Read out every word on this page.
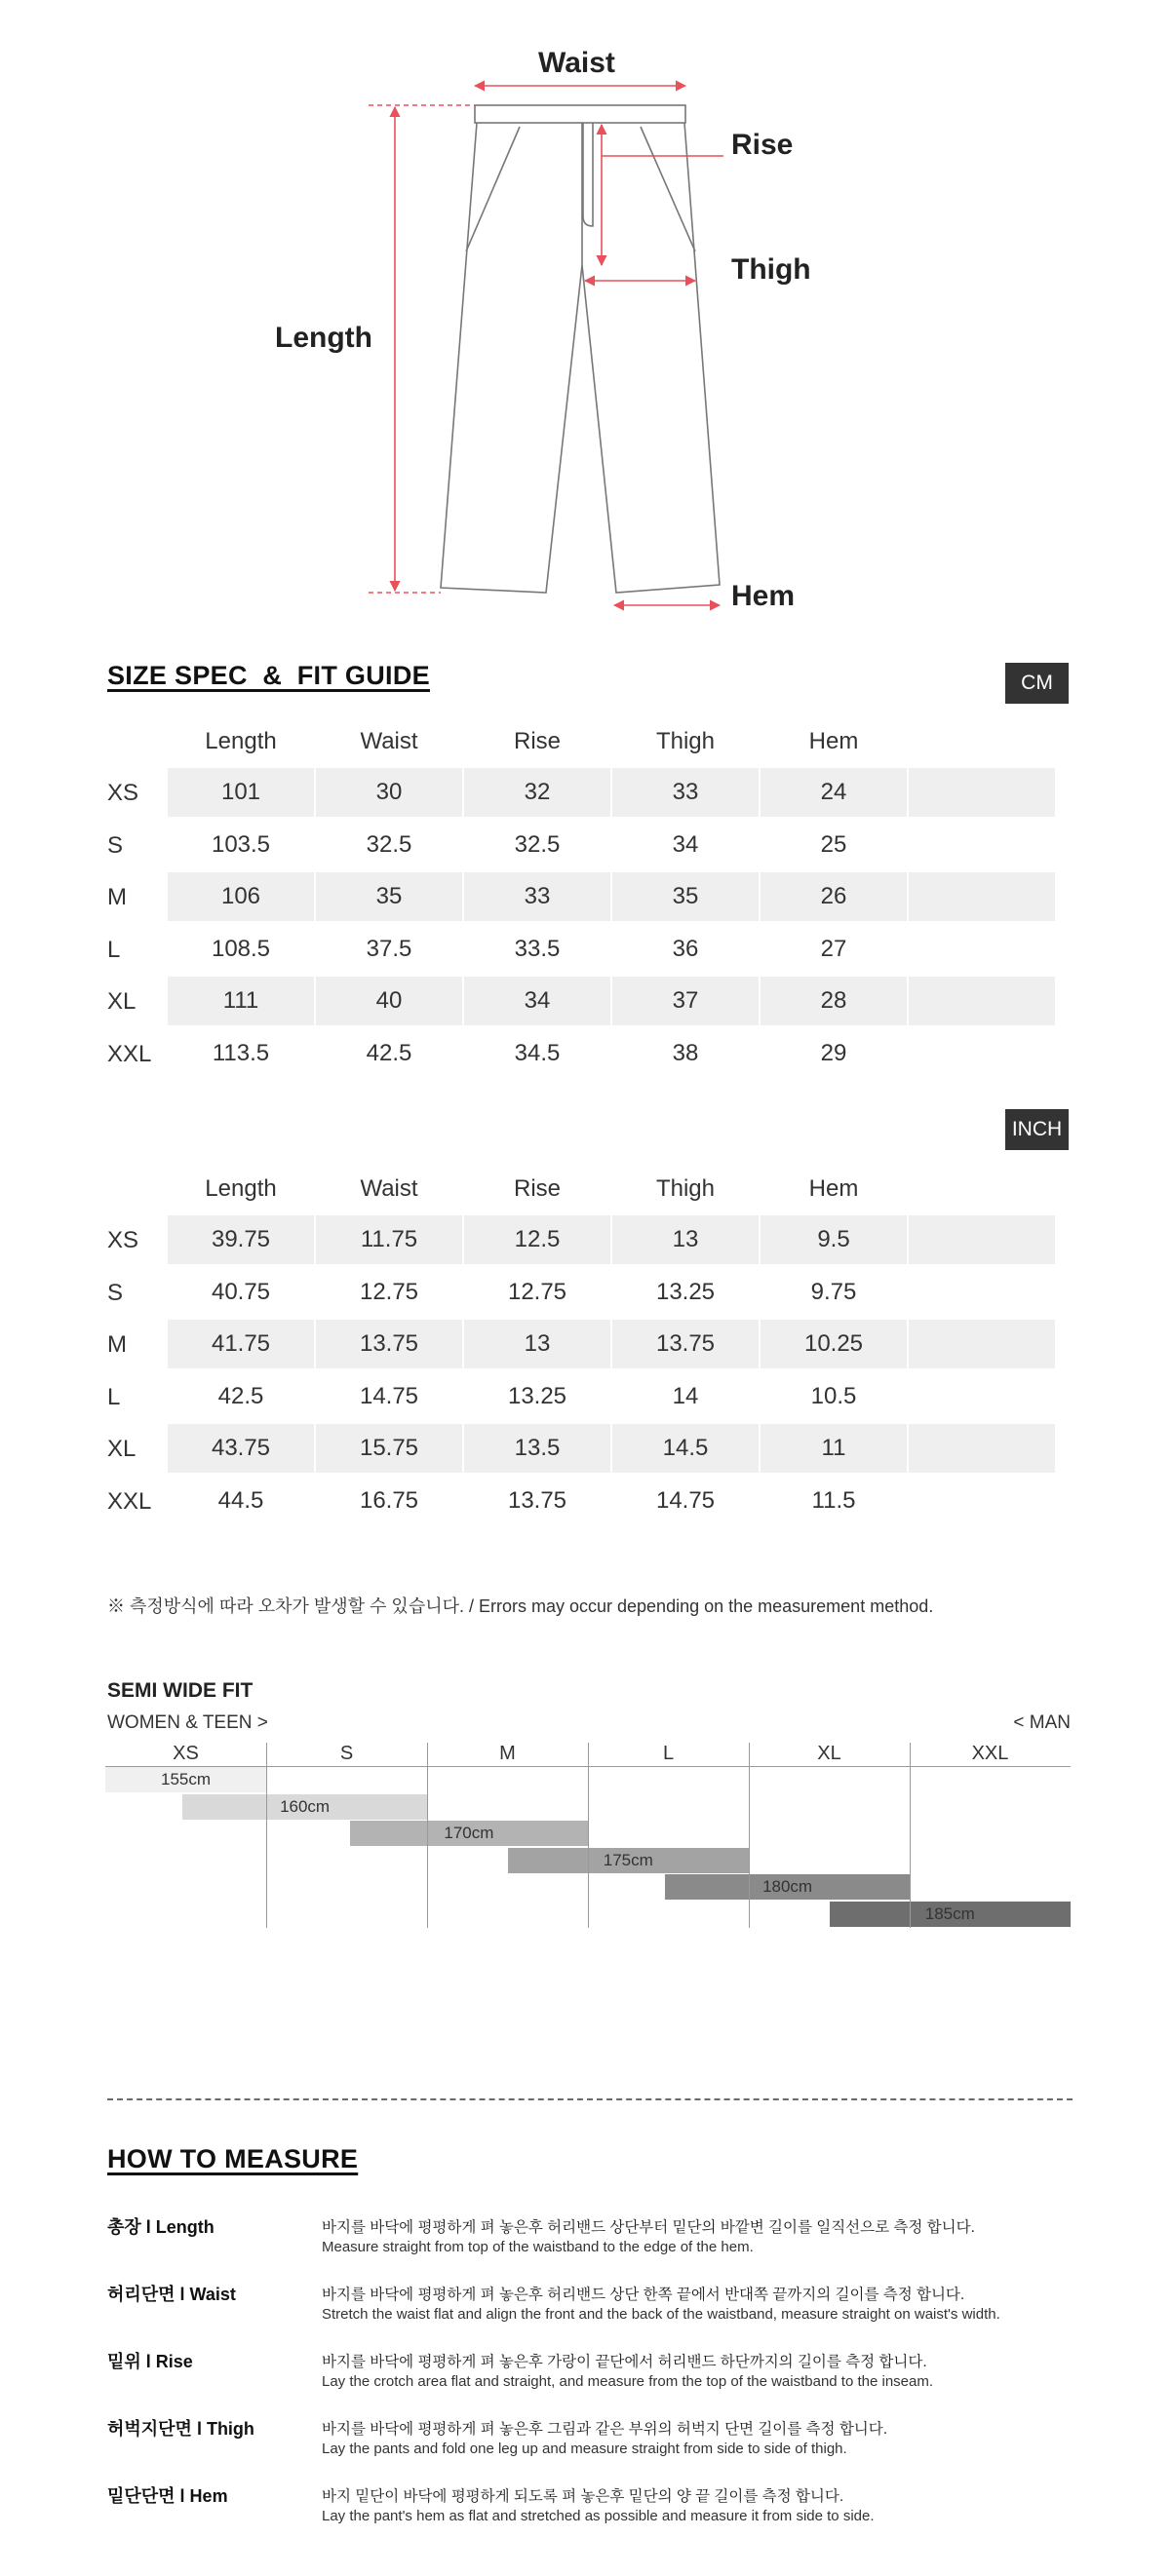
Waist
Rise
Thigh
Length
Hem
SIZE SPEC  &  FIT GUIDE	CM
Length	Waist	Rise	Thigh	Hem
XS	101	30	32	33	24
S	103.5	32.5	32.5	34	25
M	106	35	33	35	26
L	108.5	37.5	33.5	36	27
XL	111	40	34	37	28
XXL	113.5	42.5	34.5	38	29
INCH
Length	Waist	Rise	Thigh	Hem
XS	39.75	11.75	12.5	13	9.5
S	40.75	12.75	12.75	13.25	9.75
M	41.75	13.75	13	13.75	10.25
L	42.5	14.75	13.25	14	10.5
XL	43.75	15.75	13.5	14.5	11
XXL	44.5	16.75	13.75	14.75	11.5
※ 측정방식에 따라 오차가 발생할 수 있습니다. / Errors may occur depending on the measurement method.
SEMI WIDE FIT
WOMEN & TEEN >	< MAN
XS	S	M	L	XL	XXL
155cm
160cm
170cm
175cm
180cm
185cm
HOW TO MEASURE
총장 l Length	바지를 바닥에 평평하게 펴 놓은후 허리밴드 상단부터 밑단의 바깥변 길이를 일직선으로 측정 합니다.
Measure straight from top of the waistband to the edge of the hem.
허리단면 l Waist	바지를 바닥에 평평하게 펴 놓은후 허리밴드 상단 한쪽 끝에서 반대쪽 끝까지의 길이를 측정 합니다.
Stretch the waist flat and align the front and the back of the waistband, measure straight on waist's width.
밑위 l Rise	바지를 바닥에 평평하게 펴 놓은후 가랑이 끝단에서 허리밴드 하단까지의 길이를 측정 합니다.
Lay the crotch area flat and straight, and measure from the top of the waistband to the inseam.
허벅지단면 l Thigh	바지를 바닥에 평평하게 펴 놓은후 그림과 같은 부위의 허벅지 단면 길이를 측정 합니다.
Lay the pants and fold one leg up and measure straight from side to side of thigh.
밑단단면 l Hem	바지 밑단이 바닥에 평평하게 되도록 펴 놓은후 밑단의 양 끝 길이를 측정 합니다.
Lay the pant's hem as flat and stretched as possible and measure it from side to side.
